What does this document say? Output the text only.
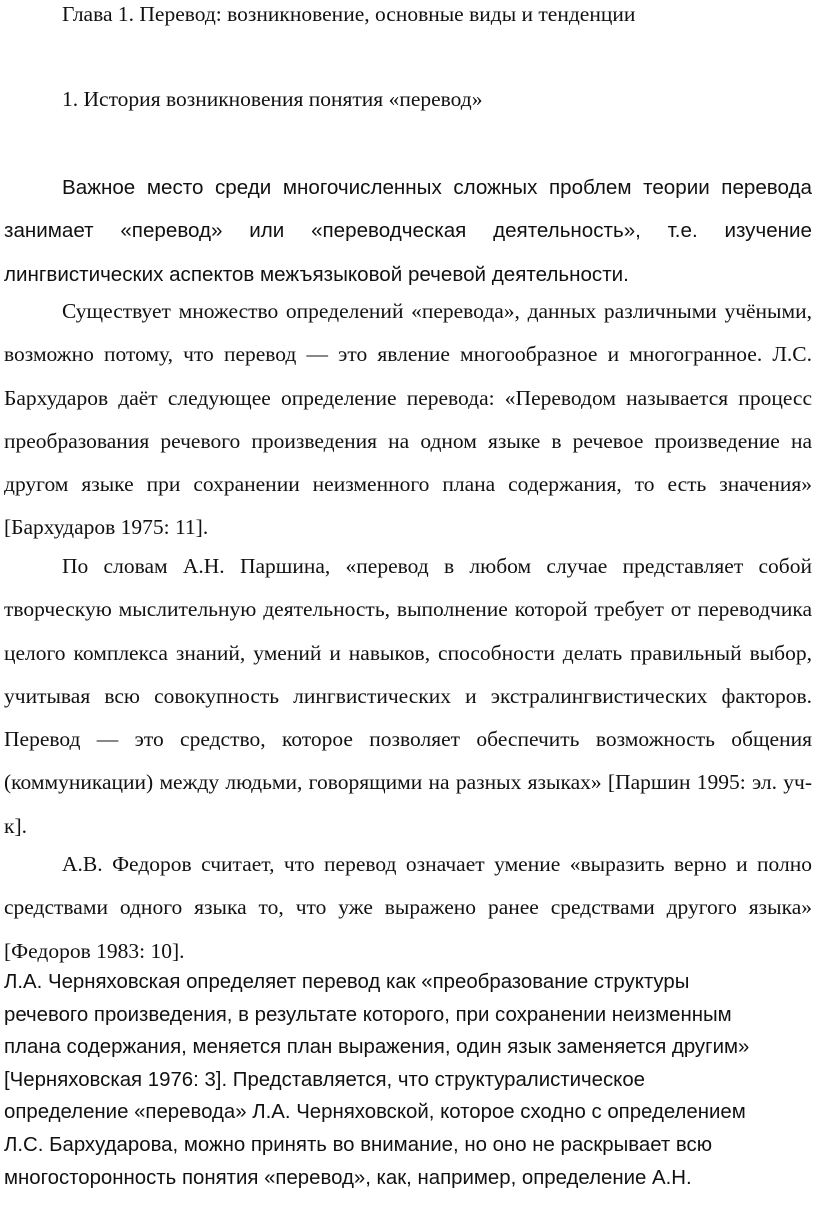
Глава 1. Перевод: возникновение, основные виды и тенденции
1. История возникновения понятия «перевод»

Важное место среди многочисленных сложных проблем теории перевода занимает «перевод» или «переводческая деятельность», т.е. изучение лингвистических аспектов межъязыковой речевой деятельности.

Существует множество определений «перевода», данных различными учёными, возможно потому, что перевод — это явление многообразное и многогранное. Л.С. Бархударов даёт следующее определение перевода: «Переводом называется процесс преобразования речевого произведения на одном языке в речевое произведение на другом языке при сохранении неизменного плана содержания, то есть значения» [Бархударов 1975: 11].

По словам А.Н. Паршина, «перевод в любом случае представляет собой творческую мыслительную деятельность, выполнение которой требует от переводчика целого комплекса знаний, умений и навыков, способности делать правильный выбор, учитывая всю совокупность лингвистических и экстралингвистических факторов. Перевод — это средство, которое позволяет обеспечить возможность общения (коммуникации) между людьми, говорящими на разных языках» [Паршин 1995: эл. уч-к].

А.В. Федоров считает, что перевод означает умение «выразить верно и полно средствами одного языка то, что уже выражено ранее средствами другого языка» [Федоров 1983: 10].

Л.А. Черняховская определяет перевод как «преобразование структуры
речевого произведения, в результате которого, при сохранении неизменным
плана содержания, меняется план выражения, один язык заменяется другим»
[Черняховская 1976: 3]. Представляется, что структуралистическое
определение «перевода» Л.А. Черняховской, которое сходно с определением
Л.С. Бархударова, можно принять во внимание, но оно не раскрывает всю
многосторонность понятия «перевод», как, например, определение А.Н.
